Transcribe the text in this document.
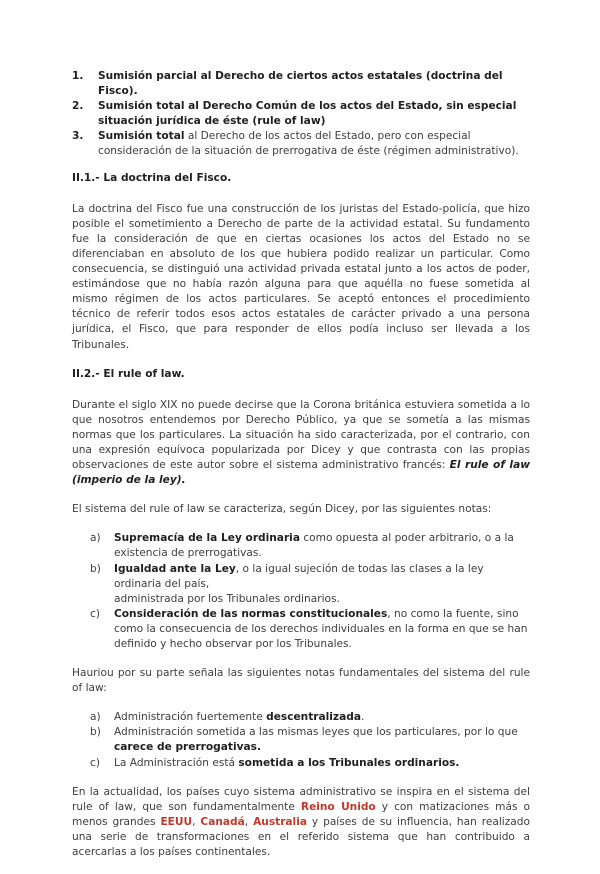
1.	Sumisión parcial al Derecho de ciertos actos estatales (doctrina del Fisco).
2.	Sumisión total al Derecho Común de los actos del Estado, sin especial situación jurídica de éste (rule of law)
3.	Sumisión total al Derecho de los actos del Estado, pero con especial consideración de la situación de prerrogativa de éste (régimen administrativo).

II.1.- La doctrina del Fisco.

La doctrina del Fisco fue una construcción de los juristas del Estado-policía, que hizo posible el sometimiento a Derecho de parte de la actividad estatal. Su fundamento fue la consideración de que en ciertas ocasiones los actos del Estado no se diferenciaban en absoluto de los que hubiera podido realizar un particular. Como consecuencia, se distinguió una actividad privada estatal junto a los actos de poder, estimándose que no había razón alguna para que aquélla no fuese sometida al mismo régimen de los actos particulares. Se aceptó entonces el procedimiento técnico de referir todos esos actos estatales de carácter privado a una persona jurídica, el Fisco, que para responder de ellos podía incluso ser llevada a los Tribunales.

II.2.- El rule of law.

Durante el siglo XIX no puede decirse que la Corona británica estuviera sometida a lo que nosotros entendemos por Derecho Público, ya que se sometía a las mismas normas que los particulares. La situación ha sido caracterizada, por el contrario, con una expresión equívoca popularizada por Dicey y que contrasta con las propias observaciones de este autor sobre el sistema administrativo francés: El rule of law (imperio de la ley).

El sistema del rule of law se caracteriza, según Dicey, por las siguientes notas:

a)	Supremacía de la Ley ordinaria como opuesta al poder arbitrario, o a la existencia de prerrogativas.
b)	Igualdad ante la Ley, o la igual sujeción de todas las clases a la ley ordinaria del país,
administrada por los Tribunales ordinarios.
c)	Consideración de las normas constitucionales, no como la fuente, sino como la consecuencia de los derechos individuales en la forma en que se han definido y hecho observar por los Tribunales.

Hauriou por su parte señala las siguientes notas fundamentales del sistema del rule of law:

a)	Administración fuertemente descentralizada.
b)	Administración sometida a las mismas leyes que los particulares, por lo que carece de prerrogativas.
c)	La Administración está sometida a los Tribunales ordinarios.

En la actualidad, los países cuyo sistema administrativo se inspira en el sistema del rule of law, que son fundamentalmente Reino Unido y con matizaciones más o menos grandes EEUU, Canadá, Australia y países de su influencia, han realizado una serie de transformaciones en el referido sistema que han contribuido a acercarlas a los países continentales.
